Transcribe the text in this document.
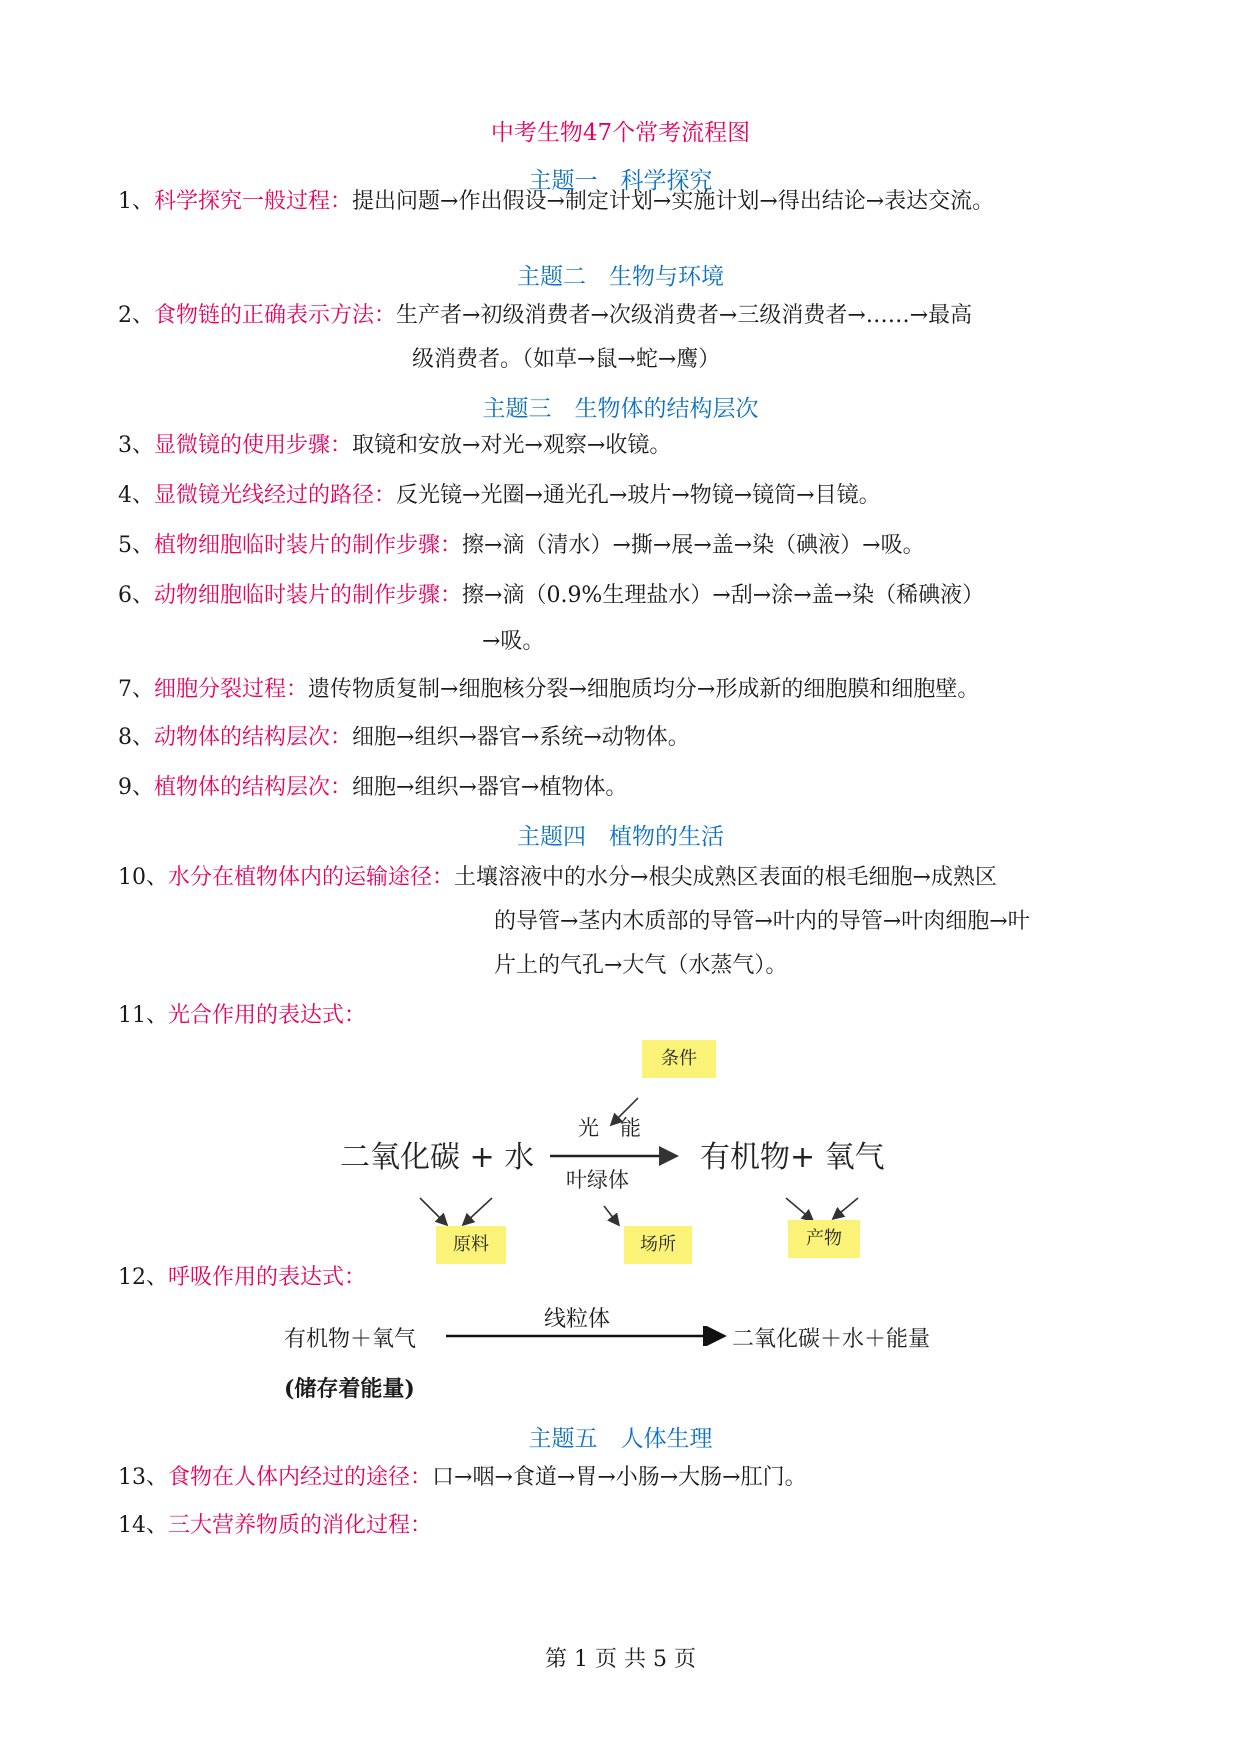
中考生物47个常考流程图
主题一　科学探究
1、科学探究一般过程：提出问题→作出假设→制定计划→实施计划→得出结论→表达交流。
主题二　生物与环境
2、食物链的正确表示方法：生产者→初级消费者→次级消费者→三级消费者→……→最高
级消费者。（如草→鼠→蛇→鹰）
主题三　生物体的结构层次
3、显微镜的使用步骤：取镜和安放→对光→观察→收镜。
4、显微镜光线经过的路径：反光镜→光圈→通光孔→玻片→物镜→镜筒→目镜。
5、植物细胞临时装片的制作步骤：擦→滴（清水）→撕→展→盖→染（碘液）→吸。
6、动物细胞临时装片的制作步骤：擦→滴（0.9%生理盐水）→刮→涂→盖→染（稀碘液）
→吸。
7、细胞分裂过程：遗传物质复制→细胞核分裂→细胞质均分→形成新的细胞膜和细胞壁。
8、动物体的结构层次：细胞→组织→器官→系统→动物体。
9、植物体的结构层次：细胞→组织→器官→植物体。
主题四　植物的生活
10、水分在植物体内的运输途径：土壤溶液中的水分→根尖成熟区表面的根毛细胞→成熟区
的导管→茎内木质部的导管→叶内的导管→叶肉细胞→叶
片上的气孔→大气（水蒸气）。
11、光合作用的表达式：
条件
光　能
二氧化碳 + 水
叶绿体
有机物+ 氧气
原料	场所	产物
12、呼吸作用的表达式：
有机物＋氧气
线粒体
二氧化碳＋水＋能量
(储存着能量)
主题五　人体生理
13、食物在人体内经过的途径：口→咽→食道→胃→小肠→大肠→肛门。
14、三大营养物质的消化过程：
第 1 页 共 5 页
